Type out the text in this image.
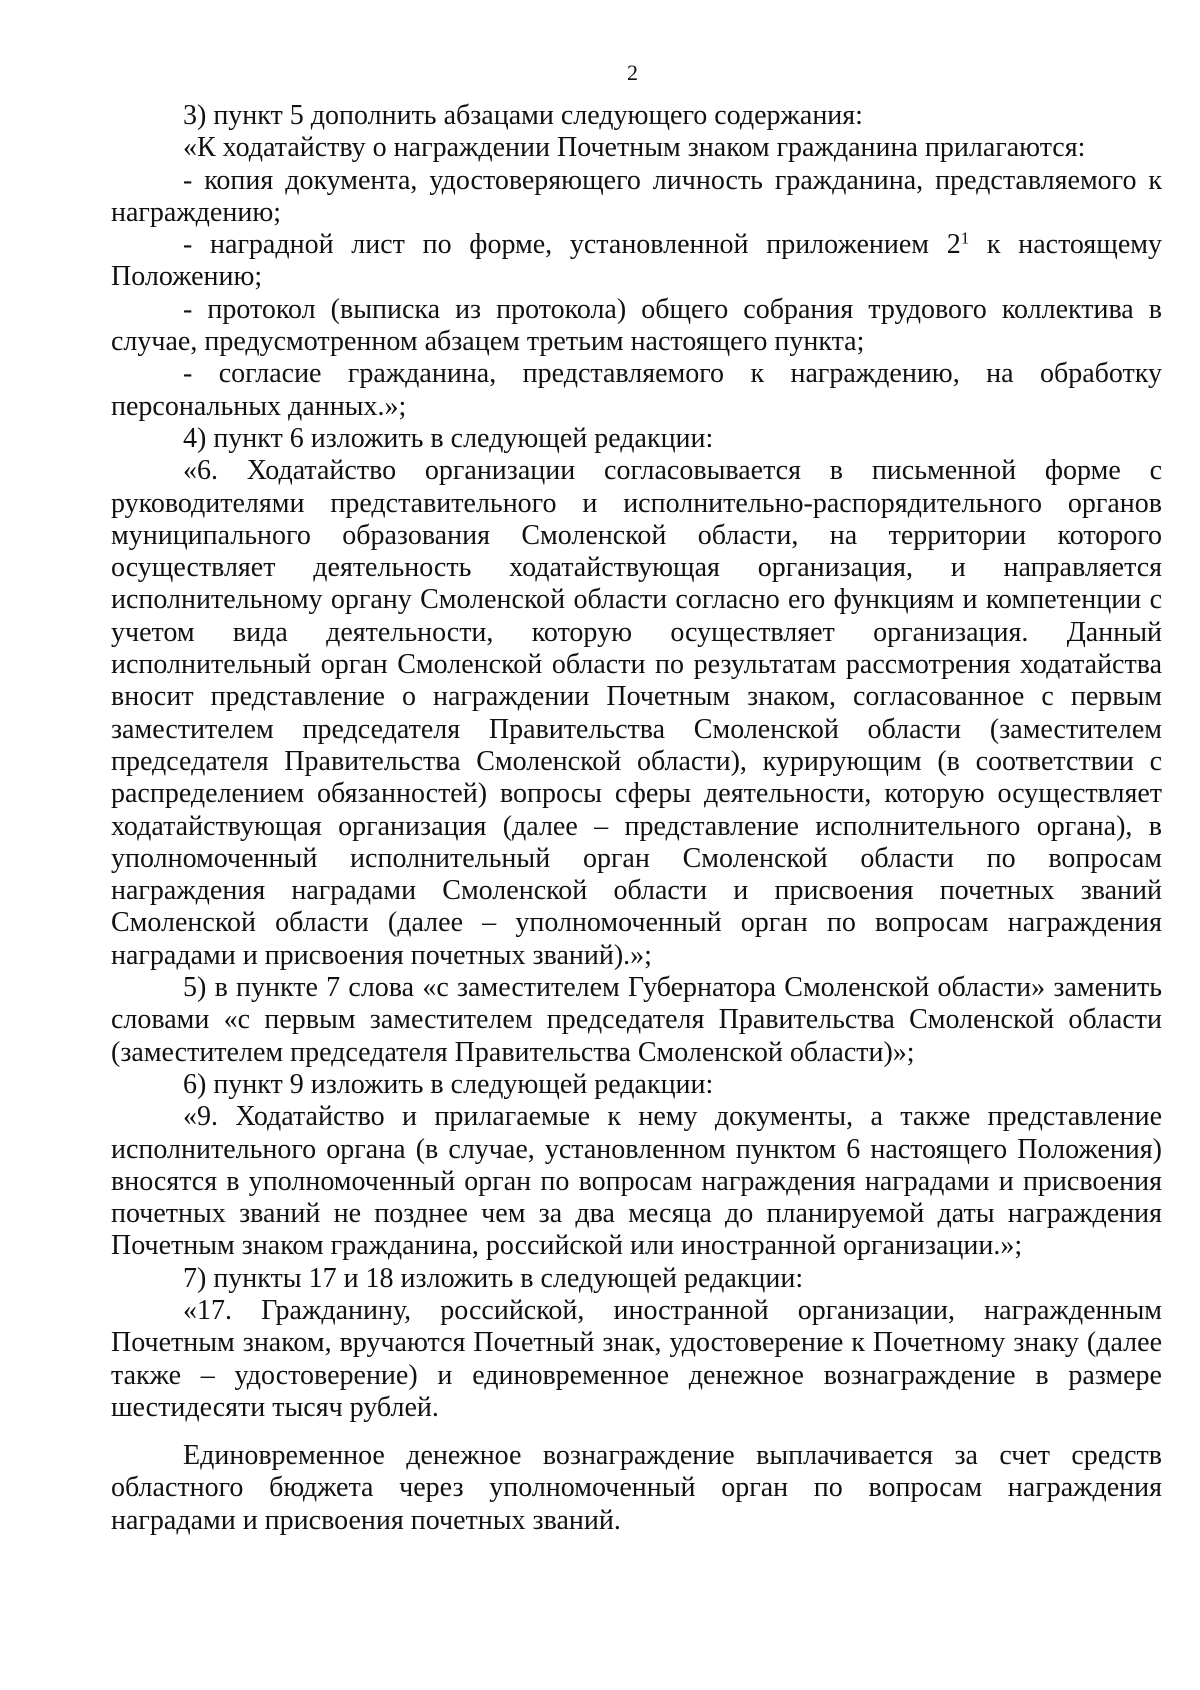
2

3) пункт 5 дополнить абзацами следующего содержания:

«К ходатайству о награждении Почетным знаком гражданина прилагаются:

- копия документа, удостоверяющего личность гражданина, представляемого к награждению;

- наградной лист по форме, установленной приложением $2^1$ к настоящему Положению;

- протокол (выписка из протокола) общего собрания трудового коллектива в случае, предусмотренном абзацем третьим настоящего пункта;

- согласие гражданина, представляемого к награждению, на обработку персональных данных.»;

4) пункт 6 изложить в следующей редакции:

«6. Ходатайство организации согласовывается в письменной форме с руководителями представительного и исполнительно-распорядительного органов муниципального образования Смоленской области, на территории которого осуществляет деятельность ходатайствующая организация, и направляется исполнительному органу Смоленской области согласно его функциям и компетенции с учетом вида деятельности, которую осуществляет организация. Данный исполнительный орган Смоленской области по результатам рассмотрения ходатайства вносит представление о награждении Почетным знаком, согласованное с первым заместителем председателя Правительства Смоленской области (заместителем председателя Правительства Смоленской области), курирующим (в соответствии с распределением обязанностей) вопросы сферы деятельности, которую осуществляет ходатайствующая организация (далее – представление исполнительного органа), в уполномоченный исполнительный орган Смоленской области по вопросам награждения наградами Смоленской области и присвоения почетных званий Смоленской области (далее – уполномоченный орган по вопросам награждения наградами и присвоения почетных званий).»;

5) в пункте 7 слова «с заместителем Губернатора Смоленской области» заменить словами «с первым заместителем председателя Правительства Смоленской области (заместителем председателя Правительства Смоленской области)»;

6) пункт 9 изложить в следующей редакции:

«9. Ходатайство и прилагаемые к нему документы, а также представление исполнительного органа (в случае, установленном пунктом 6 настоящего Положения) вносятся в уполномоченный орган по вопросам награждения наградами и присвоения почетных званий не позднее чем за два месяца до планируемой даты награждения Почетным знаком гражданина, российской или иностранной организации.»;

7) пункты 17 и 18 изложить в следующей редакции:

«17. Гражданину, российской, иностранной организации, награжденным Почетным знаком, вручаются Почетный знак, удостоверение к Почетному знаку (далее также – удостоверение) и единовременное денежное вознаграждение в размере шестидесяти тысяч рублей.

Единовременное денежное вознаграждение выплачивается за счет средств областного бюджета через уполномоченный орган по вопросам награждения наградами и присвоения почетных званий.
